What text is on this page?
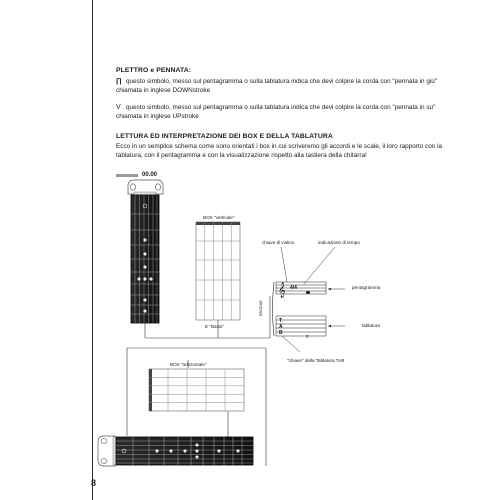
PLETTRO e PENNATA:
∏ questo simbolo, messo sul pentagramma o sulla tablatura indica che devi colpire la corda con "pennata in giù"
chiamata in inglese DOWNstroke
V questo simbolo, messo sul pentagramma o sulla tablatura indica che devi colpire la corda con "pennata in su"
chiamata in inglese UPstroke
LETTURA ED INTERPRETAZIONE DEI BOX E DELLA TABLATURA
Ecco in un semplice schema come sono orientati i box in cui scriveremo gli accordi e le scale, il loro rapporto con la
tablatura, con il pentagramma e con la visualizzazione rispetto alla tastiera della chitarra!
00.00
BOX "verticale"
E "Bassi"
chiave di violino	indicazione di tempo
𝄞 4/4
T
A
B
0
EBGDAE
pentagramma
tablatura
"chiave" della Tablatura TAB
BOX "orizzontale"
8
